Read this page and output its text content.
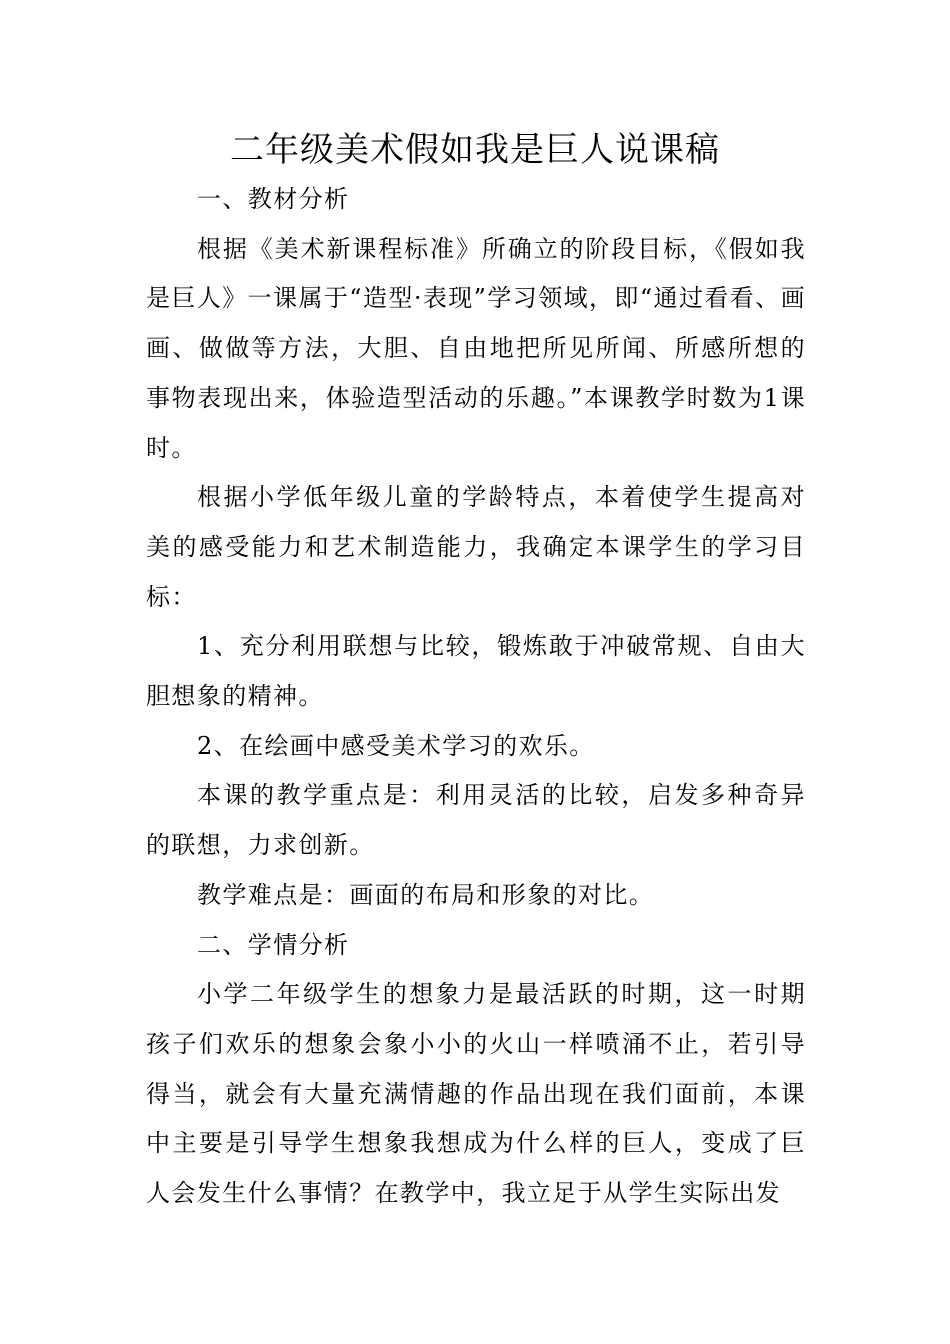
二年级美术假如我是巨人说课稿
一、教材分析
根据《美术新课程标准》所确立的阶段目标，《假如我是巨人》一课属于“造型·表现”学习领域，即“通过看看、画画、做做等方法，大胆、自由地把所见所闻、所感所想的事物表现出来，体验造型活动的乐趣。”本课教学时数为1课时。
根据小学低年级儿童的学龄特点，本着使学生提高对美的感受能力和艺术制造能力，我确定本课学生的学习目标：
1、充分利用联想与比较，锻炼敢于冲破常规、自由大胆想象的精神。
2、在绘画中感受美术学习的欢乐。
本课的教学重点是：利用灵活的比较，启发多种奇异的联想，力求创新。
教学难点是：画面的布局和形象的对比。
二、学情分析
小学二年级学生的想象力是最活跃的时期，这一时期孩子们欢乐的想象会象小小的火山一样喷涌不止，若引导得当，就会有大量充满情趣的作品出现在我们面前，本课中主要是引导学生想象我想成为什么样的巨人，变成了巨人会发生什么事情？在教学中，我立足于从学生实际出发
